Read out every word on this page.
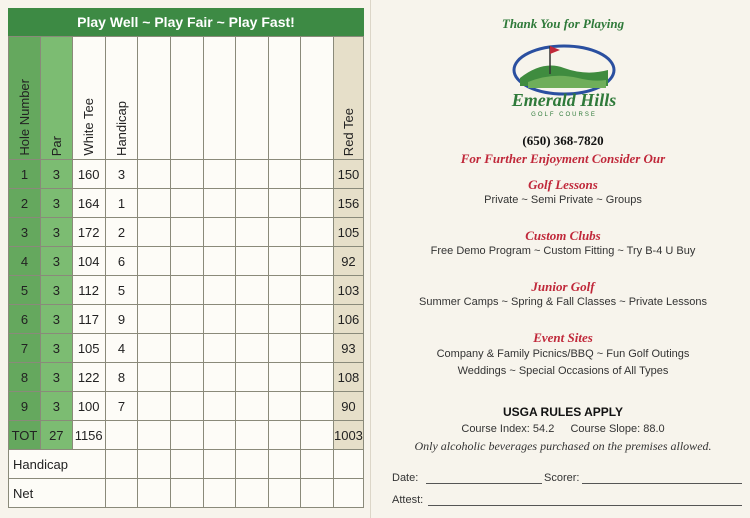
Play Well ~ Play Fair ~ Play Fast!
Hole Number	Par	White Tee	Handicap							Red Tee
1	3	160	3							150
2	3	164	1							156
3	3	172	2							105
4	3	104	6							92
5	3	112	5							103
6	3	117	9							106
7	3	105	4							93
8	3	122	8							108
9	3	100	7							90
TOT	27	1156								1003
Handicap										
Net										
Thank You for Playing
Emerald Hills
GOLF COURSE
(650) 368-7820
For Further Enjoyment Consider Our
Golf Lessons
Private ~ Semi Private ~ Groups
Custom Clubs
Free Demo Program ~ Custom Fitting ~ Try B-4 U Buy
Junior Golf
Summer Camps ~ Spring & Fall Classes ~ Private Lessons
Event Sites
Company & Family Picnics/BBQ ~ Fun Golf Outings
Weddings ~ Special Occasions of All Types
USGA RULES APPLY
Course Index: 54.2 Course Slope: 88.0
Only alcoholic beverages purchased on the premises allowed.
Date:	Scorer:
Attest:
